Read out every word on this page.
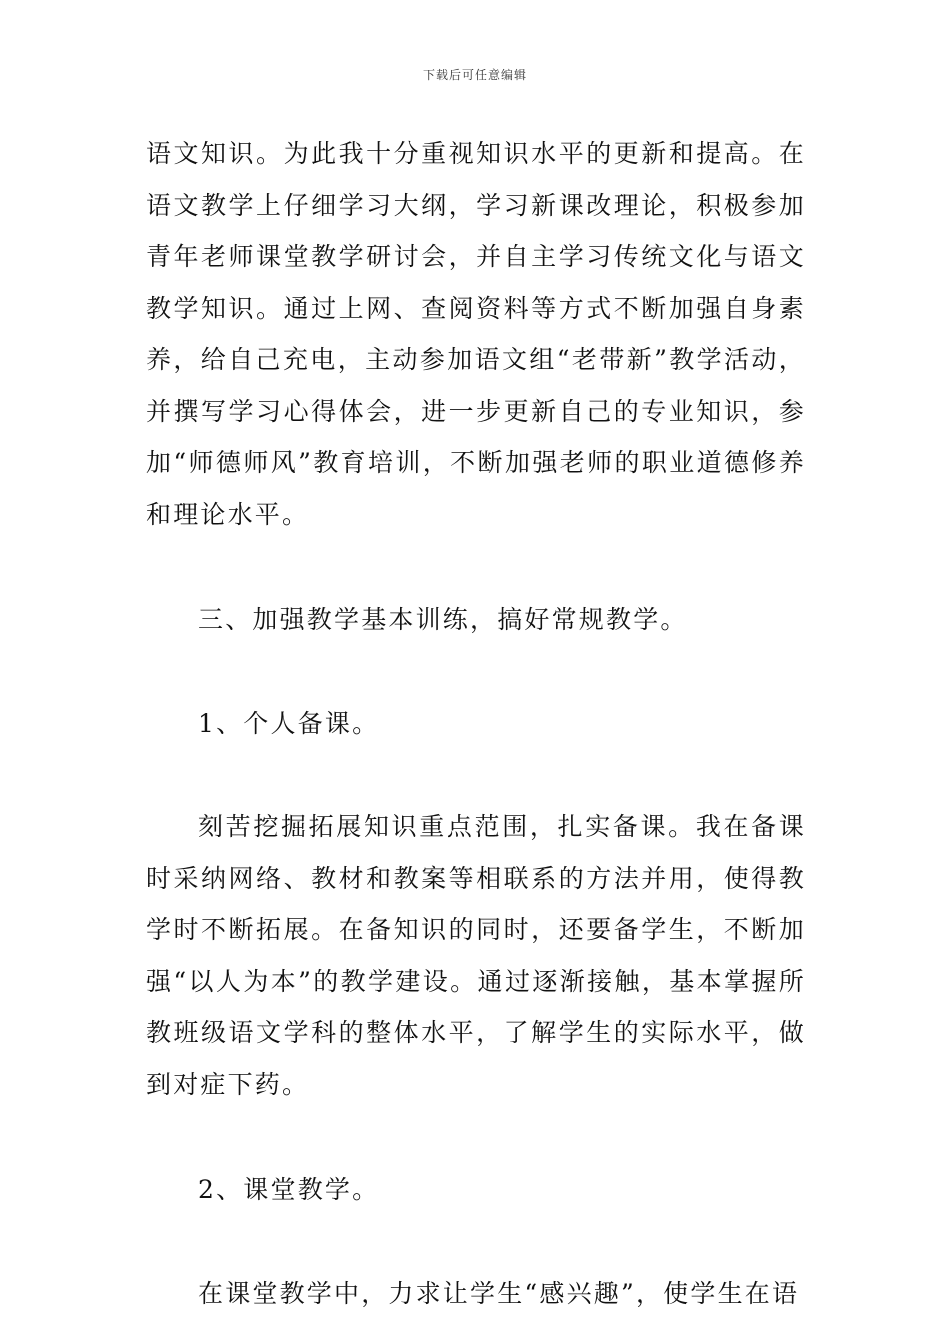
下载后可任意编辑

语文知识。为此我十分重视知识水平的更新和提高。在语文教学上仔细学习大纲，学习新课改理论，积极参加青年老师课堂教学研讨会，并自主学习传统文化与语文教学知识。通过上网、查阅资料等方式不断加强自身素养，给自己充电，主动参加语文组“老带新”教学活动，并撰写学习心得体会，进一步更新自己的专业知识，参加“师德师风”教育培训，不断加强老师的职业道德修养和理论水平。

三、加强教学基本训练，搞好常规教学。

1、个人备课。

刻苦挖掘拓展知识重点范围，扎实备课。我在备课时采纳网络、教材和教案等相联系的方法并用，使得教学时不断拓展。在备知识的同时，还要备学生，不断加强“以人为本”的教学建设。通过逐渐接触，基本掌握所教班级语文学科的整体水平，了解学生的实际水平，做到对症下药。

2、课堂教学。

在课堂教学中，力求让学生“感兴趣”，使学生在语
